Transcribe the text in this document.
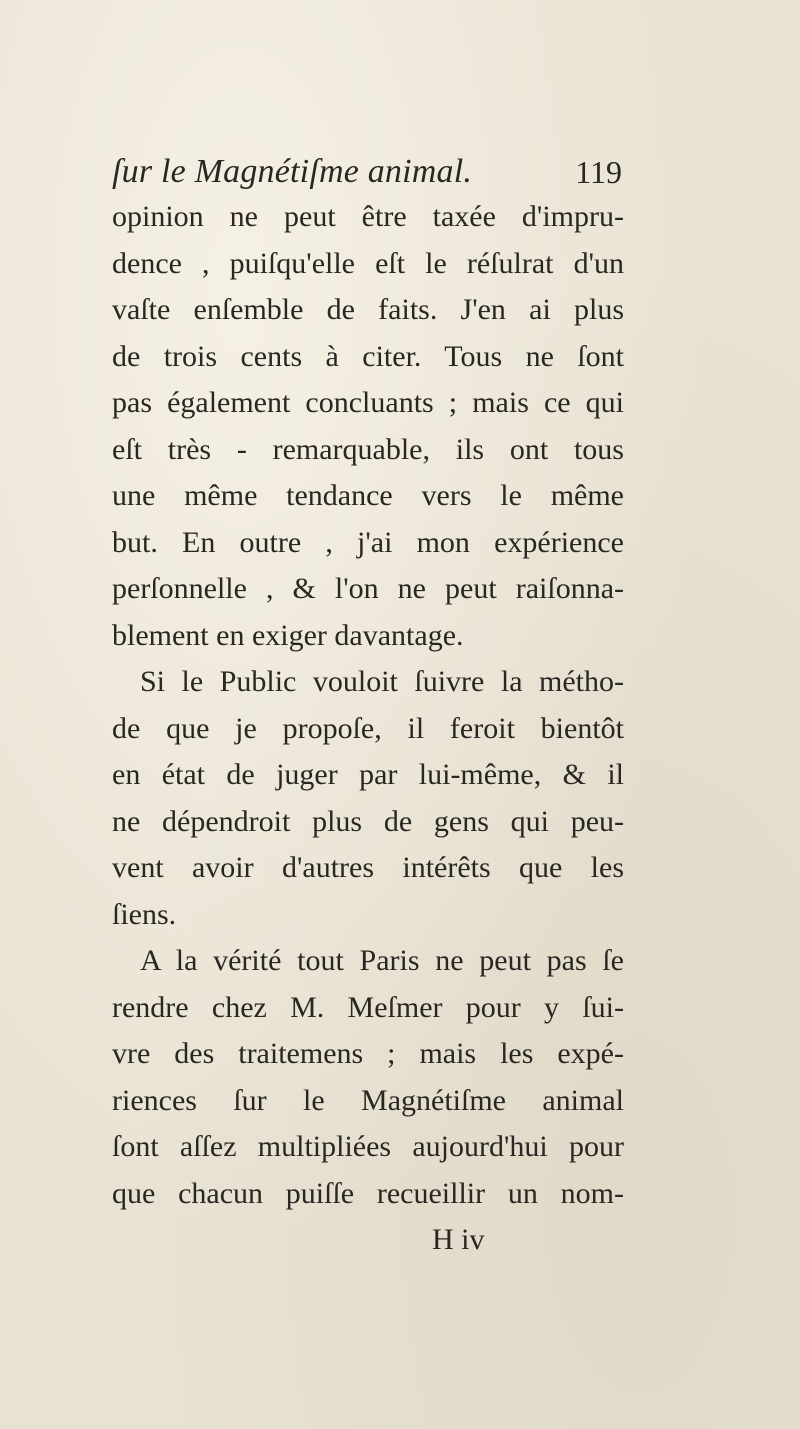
ſur le Magnétiſme animal.	119
opinion ne peut être taxée d'impru-
dence , puiſqu'elle eſt le réſulrat d'un
vaſte enſemble de faits. J'en ai plus
de trois cents à citer. Tous ne ſont
pas également concluants ; mais ce qui
eſt très - remarquable, ils ont tous
une même tendance vers le même
but. En outre , j'ai mon expérience
perſonnelle , & l'on ne peut raiſonna-
blement en exiger davantage.
Si le Public vouloit ſuivre la métho-
de que je propoſe, il feroit bientôt
en état de juger par lui-même, & il
ne dépendroit plus de gens qui peu-
vent avoir d'autres intérêts que les
ſiens.
A la vérité tout Paris ne peut pas ſe
rendre chez M. Meſmer pour y ſui-
vre des traitemens ; mais les expé-
riences ſur le Magnétiſme animal
ſont aſſez multipliées aujourd'hui pour
que chacun puiſſe recueillir un nom-
H iv
